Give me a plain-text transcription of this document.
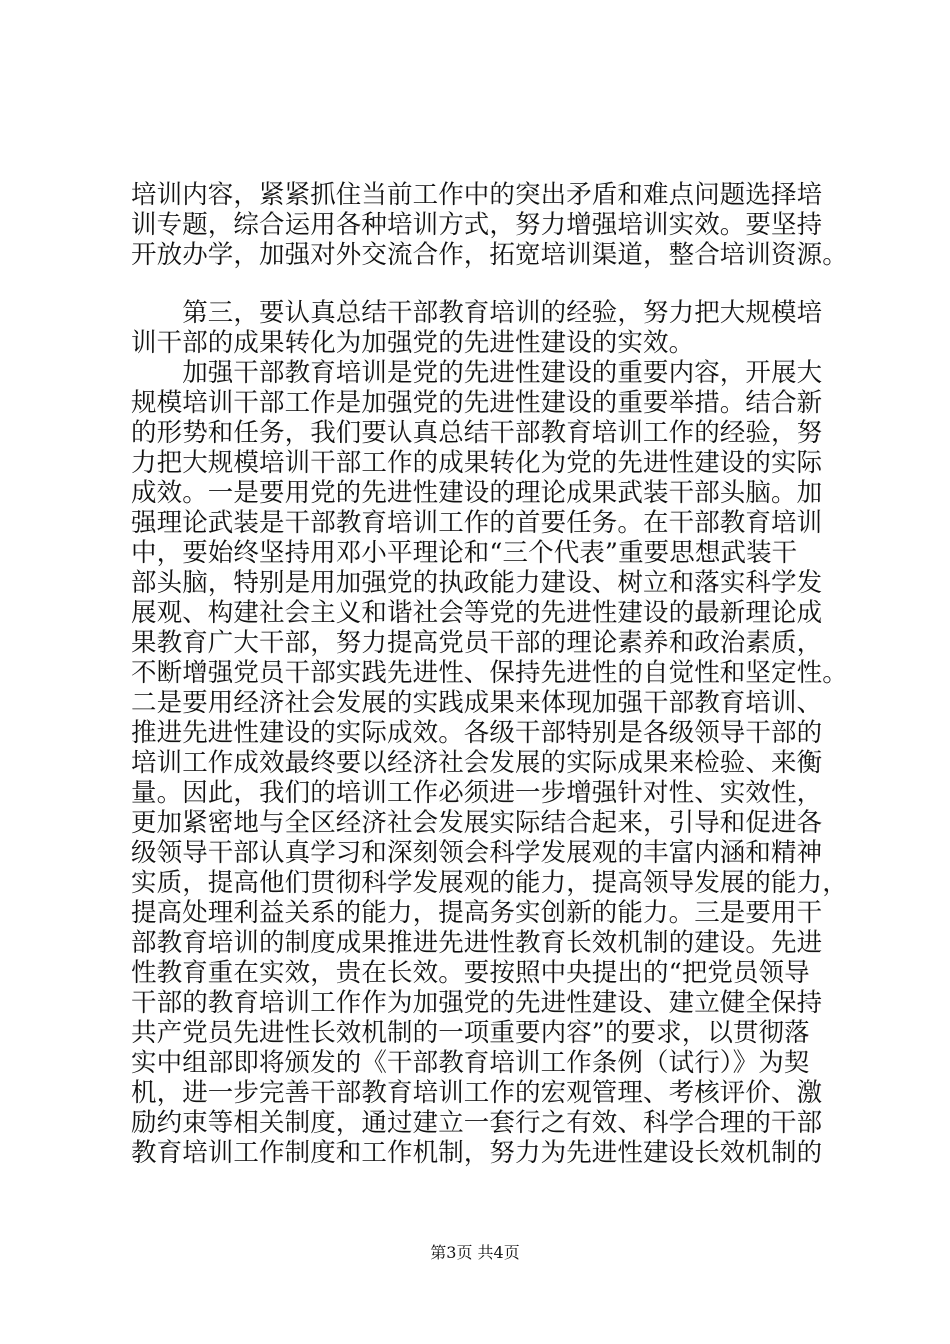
培训内容，紧紧抓住当前工作中的突出矛盾和难点问题选择培
训专题，综合运用各种培训方式，努力增强培训实效。要坚持
开放办学，加强对外交流合作，拓宽培训渠道，整合培训资源。
　　第三，要认真总结干部教育培训的经验，努力把大规模培
训干部的成果转化为加强党的先进性建设的实效。
　　加强干部教育培训是党的先进性建设的重要内容，开展大
规模培训干部工作是加强党的先进性建设的重要举措。结合新
的形势和任务，我们要认真总结干部教育培训工作的经验，努
力把大规模培训干部工作的成果转化为党的先进性建设的实际
成效。一是要用党的先进性建设的理论成果武装干部头脑。加
强理论武装是干部教育培训工作的首要任务。在干部教育培训
中，要始终坚持用邓小平理论和“三个代表”重要思想武装干
部头脑，特别是用加强党的执政能力建设、树立和落实科学发
展观、构建社会主义和谐社会等党的先进性建设的最新理论成
果教育广大干部，努力提高党员干部的理论素养和政治素质，
不断增强党员干部实践先进性、保持先进性的自觉性和坚定性。
二是要用经济社会发展的实践成果来体现加强干部教育培训、
推进先进性建设的实际成效。各级干部特别是各级领导干部的
培训工作成效最终要以经济社会发展的实际成果来检验、来衡
量。因此，我们的培训工作必须进一步增强针对性、实效性，
更加紧密地与全区经济社会发展实际结合起来，引导和促进各
级领导干部认真学习和深刻领会科学发展观的丰富内涵和精神
实质，提高他们贯彻科学发展观的能力，提高领导发展的能力，
提高处理利益关系的能力，提高务实创新的能力。三是要用干
部教育培训的制度成果推进先进性教育长效机制的建设。先进
性教育重在实效，贵在长效。要按照中央提出的“把党员领导
干部的教育培训工作作为加强党的先进性建设、建立健全保持
共产党员先进性长效机制的一项重要内容”的要求，以贯彻落
实中组部即将颁发的《干部教育培训工作条例（试行）》为契
机，进一步完善干部教育培训工作的宏观管理、考核评价、激
励约束等相关制度，通过建立一套行之有效、科学合理的干部
教育培训工作制度和工作机制，努力为先进性建设长效机制的
第3页 共4页
